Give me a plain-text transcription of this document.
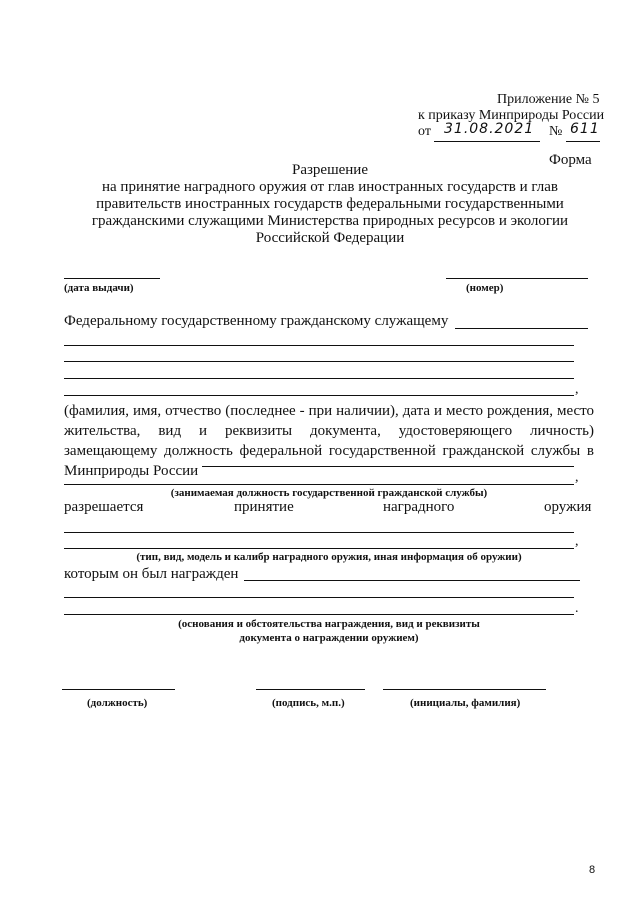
Приложение № 5
к приказу Минприроды России
от 31.08.2021 № 611
Форма
Разрешение
на принятие наградного оружия от глав иностранных государств и глав
правительств иностранных государств федеральными государственными
гражданскими служащими Министерства природных ресурсов и экологии
Российской Федерации
(дата выдачи)	(номер)
Федеральному государственному гражданскому служащему
,
(фамилия, имя, отчество (последнее - при наличии), дата и место рождения, место
жительства, вид и реквизиты документа, удостоверяющего личность)
замещающему должность федеральной государственной гражданской службы в
Минприроды России	,
(занимаемая должность государственной гражданской службы)
разрешается	принятие	наградного	оружия
,
(тип, вид, модель и калибр наградного оружия, иная информация об оружии)
которым он был награжден
.
(основания и обстоятельства награждения, вид и реквизиты
документа о награждении оружием)
(должность)	(подпись, м.п.)	(инициалы, фамилия)
8
